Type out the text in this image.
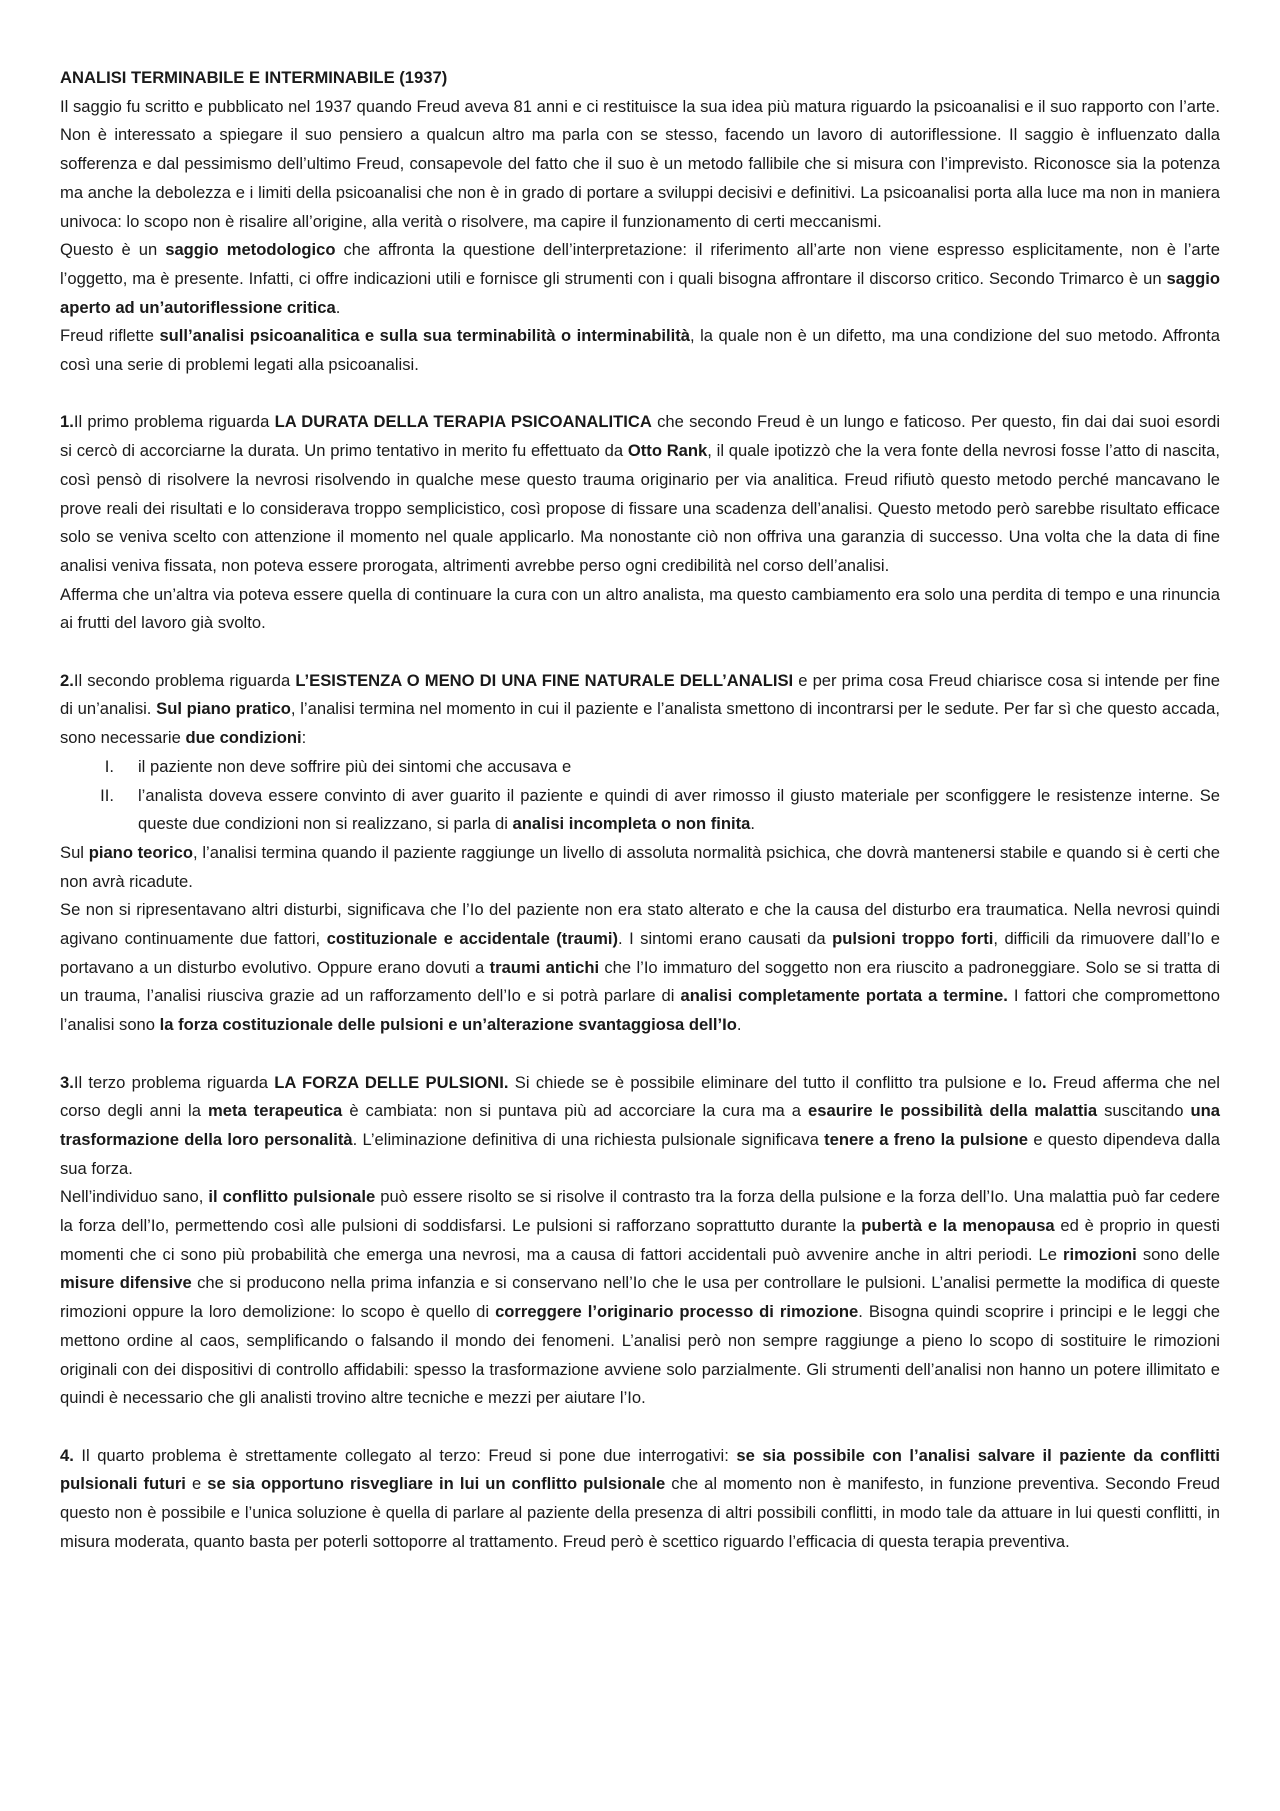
ANALISI TERMINABILE E INTERMINABILE (1937)

Il saggio fu scritto e pubblicato nel 1937 quando Freud aveva 81 anni e ci restituisce la sua idea più matura riguardo la psicoanalisi e il suo rapporto con l’arte. Non è interessato a spiegare il suo pensiero a qualcun altro ma parla con se stesso, facendo un lavoro di autoriflessione. Il saggio è influenzato dalla sofferenza e dal pessimismo dell’ultimo Freud, consapevole del fatto che il suo è un metodo fallibile che si misura con l’imprevisto. Riconosce sia la potenza ma anche la debolezza e i limiti della psicoanalisi che non è in grado di portare a sviluppi decisivi e definitivi. La psicoanalisi porta alla luce ma non in maniera univoca: lo scopo non è risalire all’origine, alla verità o risolvere, ma capire il funzionamento di certi meccanismi.

Questo è un saggio metodologico che affronta la questione dell’interpretazione: il riferimento all’arte non viene espresso esplicitamente, non è l’arte l’oggetto, ma è presente. Infatti, ci offre indicazioni utili e fornisce gli strumenti con i quali bisogna affrontare il discorso critico. Secondo Trimarco è un saggio aperto ad un’autoriflessione critica.

Freud riflette sull’analisi psicoanalitica e sulla sua terminabilità o interminabilità, la quale non è un difetto, ma una condizione del suo metodo. Affronta così una serie di problemi legati alla psicoanalisi.

1.Il primo problema riguarda LA DURATA DELLA TERAPIA PSICOANALITICA che secondo Freud è un lungo e faticoso. Per questo, fin dai dai suoi esordi si cercò di accorciarne la durata. Un primo tentativo in merito fu effettuato da Otto Rank, il quale ipotizzò che la vera fonte della nevrosi fosse l’atto di nascita, così pensò di risolvere la nevrosi risolvendo in qualche mese questo trauma originario per via analitica. Freud rifiutò questo metodo perché mancavano le prove reali dei risultati e lo considerava troppo semplicistico, così propose di fissare una scadenza dell’analisi. Questo metodo però sarebbe risultato efficace solo se veniva scelto con attenzione il momento nel quale applicarlo. Ma nonostante ciò non offriva una garanzia di successo. Una volta che la data di fine analisi veniva fissata, non poteva essere prorogata, altrimenti avrebbe perso ogni credibilità nel corso dell’analisi.

Afferma che un’altra via poteva essere quella di continuare la cura con un altro analista, ma questo cambiamento era solo una perdita di tempo e una rinuncia ai frutti del lavoro già svolto.

2.Il secondo problema riguarda L’ESISTENZA O MENO DI UNA FINE NATURALE DELL’ANALISI e per prima cosa Freud chiarisce cosa si intende per fine di un’analisi. Sul piano pratico, l’analisi termina nel momento in cui il paziente e l’analista smettono di incontrarsi per le sedute. Per far sì che questo accada, sono necessarie due condizioni:

I. il paziente non deve soffrire più dei sintomi che accusava e
II. l’analista doveva essere convinto di aver guarito il paziente e quindi di aver rimosso il giusto materiale per sconfiggere le resistenze interne. Se queste due condizioni non si realizzano, si parla di analisi incompleta o non finita.

Sul piano teorico, l’analisi termina quando il paziente raggiunge un livello di assoluta normalità psichica, che dovrà mantenersi stabile e quando si è certi che non avrà ricadute.

Se non si ripresentavano altri disturbi, significava che l’Io del paziente non era stato alterato e che la causa del disturbo era traumatica. Nella nevrosi quindi agivano continuamente due fattori, costituzionale e accidentale (traumi). I sintomi erano causati da pulsioni troppo forti, difficili da rimuovere dall’Io e portavano a un disturbo evolutivo. Oppure erano dovuti a traumi antichi che l’Io immaturo del soggetto non era riuscito a padroneggiare. Solo se si tratta di un trauma, l’analisi riusciva grazie ad un rafforzamento dell’Io e si potrà parlare di analisi completamente portata a termine. I fattori che compromettono l’analisi sono la forza costituzionale delle pulsioni e un’alterazione svantaggiosa dell’Io.

3.Il terzo problema riguarda LA FORZA DELLE PULSIONI. Si chiede se è possibile eliminare del tutto il conflitto tra pulsione e Io. Freud afferma che nel corso degli anni la meta terapeutica è cambiata: non si puntava più ad accorciare la cura ma a esaurire le possibilità della malattia suscitando una trasformazione della loro personalità. L’eliminazione definitiva di una richiesta pulsionale significava tenere a freno la pulsione e questo dipendeva dalla sua forza.

Nell’individuo sano, il conflitto pulsionale può essere risolto se si risolve il contrasto tra la forza della pulsione e la forza dell’Io. Una malattia può far cedere la forza dell’Io, permettendo così alle pulsioni di soddisfarsi. Le pulsioni si rafforzano soprattutto durante la pubertà e la menopausa ed è proprio in questi momenti che ci sono più probabilità che emerga una nevrosi, ma a causa di fattori accidentali può avvenire anche in altri periodi. Le rimozioni sono delle misure difensive che si producono nella prima infanzia e si conservano nell’Io che le usa per controllare le pulsioni. L’analisi permette la modifica di queste rimozioni oppure la loro demolizione: lo scopo è quello di correggere l’originario processo di rimozione. Bisogna quindi scoprire i principi e le leggi che mettono ordine al caos, semplificando o falsando il mondo dei fenomeni. L’analisi però non sempre raggiunge a pieno lo scopo di sostituire le rimozioni originali con dei dispositivi di controllo affidabili: spesso la trasformazione avviene solo parzialmente. Gli strumenti dell’analisi non hanno un potere illimitato e quindi è necessario che gli analisti trovino altre tecniche e mezzi per aiutare l’Io.

4. Il quarto problema è strettamente collegato al terzo: Freud si pone due interrogativi: se sia possibile con l’analisi salvare il paziente da conflitti pulsionali futuri e se sia opportuno risvegliare in lui un conflitto pulsionale che al momento non è manifesto, in funzione preventiva. Secondo Freud questo non è possibile e l’unica soluzione è quella di parlare al paziente della presenza di altri possibili conflitti, in modo tale da attuare in lui questi conflitti, in misura moderata, quanto basta per poterli sottoporre al trattamento. Freud però è scettico riguardo l’efficacia di questa terapia preventiva.
